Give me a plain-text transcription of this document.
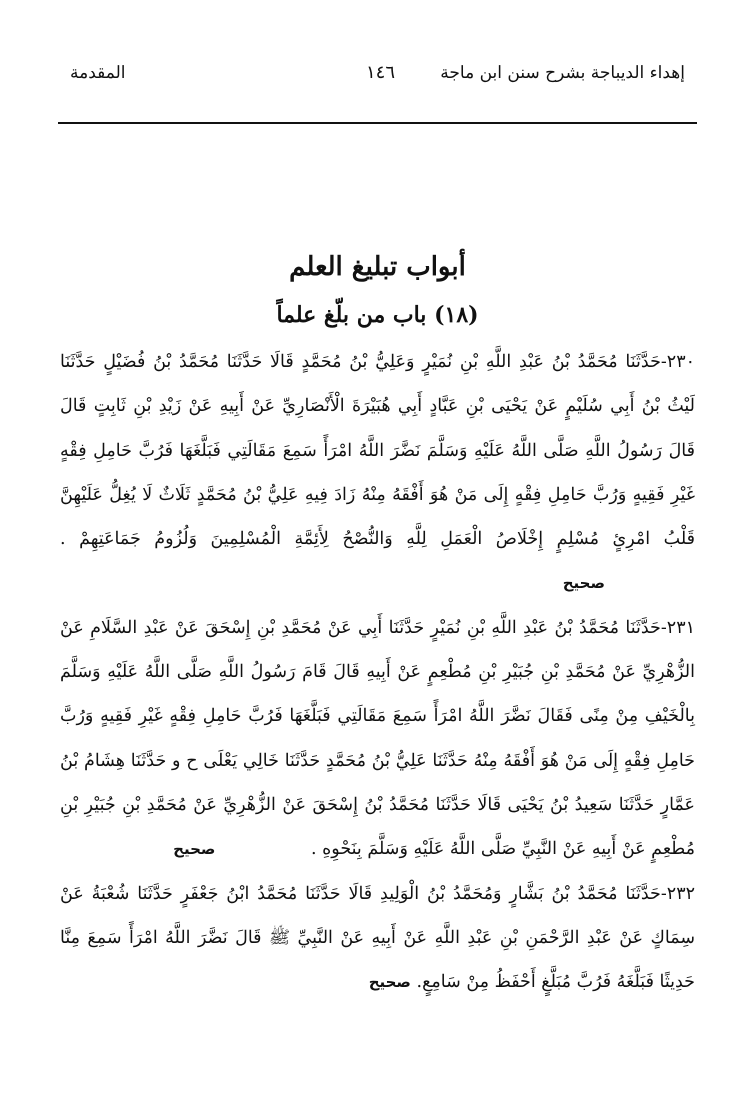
إهداء الديباجة بشرح سنن ابن ماجة
١٤٦
المقدمة
أبواب تبليغ العلم
(١٨) باب من بلّغ علماً

٢٣٠-حَدَّثَنَا مُحَمَّدُ بْنُ عَبْدِ اللَّهِ بْنِ نُمَيْرٍ وَعَلِيُّ بْنُ مُحَمَّدٍ قَالَا حَدَّثَنَا مُحَمَّدُ بْنُ فُضَيْلٍ حَدَّثَنَا لَيْثُ بْنُ أَبِي سُلَيْمٍ عَنْ يَحْيَى بْنِ عَبَّادٍ أَبِي هُبَيْرَةَ الْأَنْصَارِيِّ عَنْ أَبِيهِ عَنْ زَيْدِ بْنِ ثَابِتٍ قَالَ قَالَ رَسُولُ اللَّهِ صَلَّى اللَّهُ عَلَيْهِ وَسَلَّمَ نَضَّرَ اللَّهُ امْرَأً سَمِعَ مَقَالَتِي فَبَلَّغَهَا فَرُبَّ حَامِلِ فِقْهٍ غَيْرِ فَقِيهٍ وَرُبَّ حَامِلِ فِقْهٍ إِلَى مَنْ هُوَ أَفْقَهُ مِنْهُ زَادَ فِيهِ عَلِيُّ بْنُ مُحَمَّدٍ ثَلَاثٌ لَا يُغِلُّ عَلَيْهِنَّ قَلْبُ امْرِئٍ مُسْلِمٍ إِخْلَاصُ الْعَمَلِ لِلَّهِ وَالنُّصْحُ لِأَئِمَّةِ الْمُسْلِمِينَ وَلُزُومُ جَمَاعَتِهِمْ . صحيح

٢٣١-حَدَّثَنَا مُحَمَّدُ بْنُ عَبْدِ اللَّهِ بْنِ نُمَيْرٍ حَدَّثَنَا أَبِي عَنْ مُحَمَّدِ بْنِ إِسْحَقَ عَنْ عَبْدِ السَّلَامِ عَنْ الزُّهْرِيِّ عَنْ مُحَمَّدِ بْنِ جُبَيْرِ بْنِ مُطْعِمٍ عَنْ أَبِيهِ قَالَ قَامَ رَسُولُ اللَّهِ صَلَّى اللَّهُ عَلَيْهِ وَسَلَّمَ بِالْخَيْفِ مِنْ مِنًى فَقَالَ نَضَّرَ اللَّهُ امْرَأً سَمِعَ مَقَالَتِي فَبَلَّغَهَا فَرُبَّ حَامِلِ فِقْهٍ غَيْرِ فَقِيهٍ وَرُبَّ حَامِلِ فِقْهٍ إِلَى مَنْ هُوَ أَفْقَهُ مِنْهُ حَدَّثَنَا عَلِيُّ بْنُ مُحَمَّدٍ حَدَّثَنَا خَالِي يَعْلَى ح و حَدَّثَنَا هِشَامُ بْنُ عَمَّارٍ حَدَّثَنَا سَعِيدُ بْنُ يَحْيَى قَالَا حَدَّثَنَا مُحَمَّدُ بْنُ إِسْحَقَ عَنْ الزُّهْرِيِّ عَنْ مُحَمَّدِ بْنِ جُبَيْرِ بْنِ مُطْعِمٍ عَنْ أَبِيهِ عَنْ النَّبِيِّ صَلَّى اللَّهُ عَلَيْهِ وَسَلَّمَ بِنَحْوِهِ . صحيح

٢٣٢-حَدَّثَنَا مُحَمَّدُ بْنُ بَشَّارٍ وَمُحَمَّدُ بْنُ الْوَلِيدِ قَالَا حَدَّثَنَا مُحَمَّدُ ابْنُ جَعْفَرٍ حَدَّثَنَا شُعْبَةُ عَنْ سِمَاكٍ عَنْ عَبْدِ الرَّحْمَنِ بْنِ عَبْدِ اللَّهِ عَنْ أَبِيهِ عَنْ النَّبِيِّ ﷺ قَالَ نَضَّرَ اللَّهُ امْرَأً سَمِعَ مِنَّا حَدِيثًا فَبَلَّغَهُ فَرُبَّ مُبَلَّغٍ أَحْفَظُ مِنْ سَامِعٍ. صحيح
